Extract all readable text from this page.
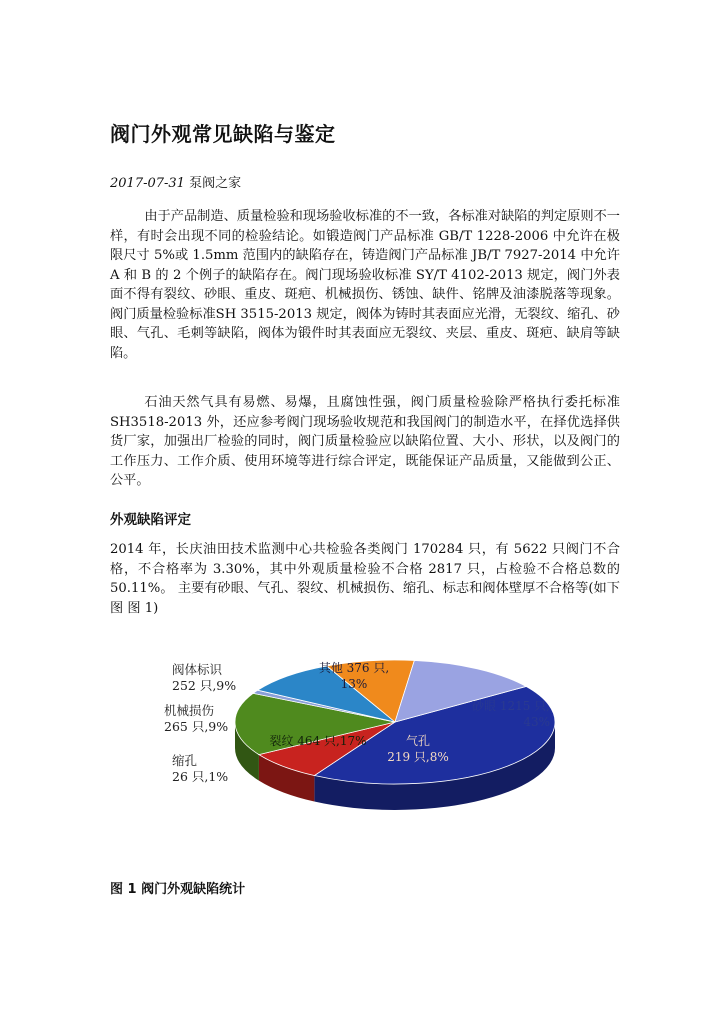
阀门外观常见缺陷与鉴定
2017-07-31 泵阀之家

由于产品制造、质量检验和现场验收标准的不一致，各标准对缺陷的判定原则不一样，有时会出现不同的检验结论。如锻造阀门产品标准 GB/T 1228-2006 中允许在极限尺寸 5%或 1.5mm 范围内的缺陷存在，铸造阀门产品标准 JB/T 7927-2014 中允许 A 和 B 的 2 个例子的缺陷存在。阀门现场验收标准 SY/T 4102-2013 规定，阀门外表面不得有裂纹、砂眼、重皮、斑疤、机械损伤、锈蚀、缺件、铭牌及油漆脱落等现象。 阀门质量检验标准SH 3515-2013 规定，阀体为铸时其表面应光滑，无裂纹、缩孔、砂眼、气孔、毛刺等缺陷，阀体为锻件时其表面应无裂纹、夹层、重皮、斑疤、缺肩等缺陷。

石油天然气具有易燃、易爆，且腐蚀性强，阀门质量检验除严格执行委托标准 SH3518-2013 外，还应参考阀门现场验收规范和我国阀门的制造水平，在择优选择供货厂家，加强出厂检验的同时，阀门质量检验应以缺陷位置、大小、形状，以及阀门的工作压力、工作介质、使用环境等进行综合评定，既能保证产品质量，又能做到公正、公平。

外观缺陷评定

2014 年，长庆油田技术监测中心共检验各类阀门 170284 只，有 5622 只阀门不合格，不合格率为 3.30%，其中外观质量检验不合格 2817 只，占检验不合格总数的 50.11%。 主要有砂眼、气孔、裂纹、机械损伤、缩孔、标志和阀体壁厚不合格等(如下图 图 1)

砂眼 1215 只, 43%
气孔 219 只,8%
裂纹 464 只,17%
缩孔 26 只,1%
机械损伤 265 只,9%
阀体标识 252 只,9%
其他 376 只, 13%

图 1 阀门外观缺陷统计
